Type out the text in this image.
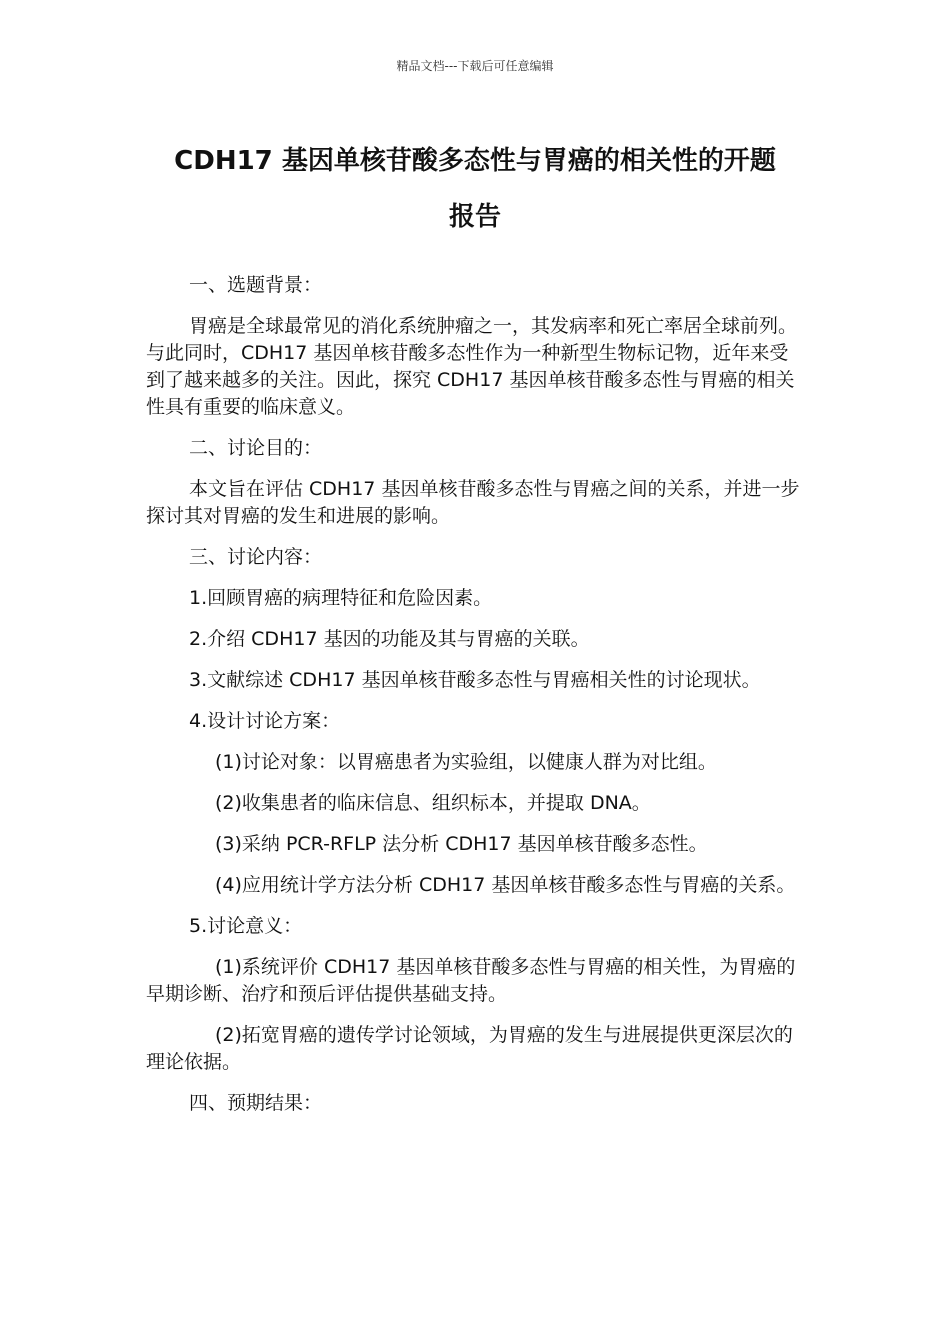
精品文档---下载后可任意编辑
CDH17 基因单核苷酸多态性与胃癌的相关性的开题
报告

一、选题背景：

胃癌是全球最常见的消化系统肿瘤之一，其发病率和死亡率居全球前列。与此同时，CDH17 基因单核苷酸多态性作为一种新型生物标记物，近年来受到了越来越多的关注。因此，探究 CDH17 基因单核苷酸多态性与胃癌的相关性具有重要的临床意义。

二、讨论目的：

本文旨在评估 CDH17 基因单核苷酸多态性与胃癌之间的关系，并进一步探讨其对胃癌的发生和进展的影响。

三、讨论内容：

1.回顾胃癌的病理特征和危险因素。

2.介绍 CDH17 基因的功能及其与胃癌的关联。

3.文献综述 CDH17 基因单核苷酸多态性与胃癌相关性的讨论现状。

4.设计讨论方案：

(1)讨论对象：以胃癌患者为实验组，以健康人群为对比组。

(2)收集患者的临床信息、组织标本，并提取 DNA。

(3)采纳 PCR-RFLP 法分析 CDH17 基因单核苷酸多态性。

(4)应用统计学方法分析 CDH17 基因单核苷酸多态性与胃癌的关系。

5.讨论意义：

(1)系统评价 CDH17 基因单核苷酸多态性与胃癌的相关性，为胃癌的早期诊断、治疗和预后评估提供基础支持。

(2)拓宽胃癌的遗传学讨论领域，为胃癌的发生与进展提供更深层次的理论依据。

四、预期结果：
